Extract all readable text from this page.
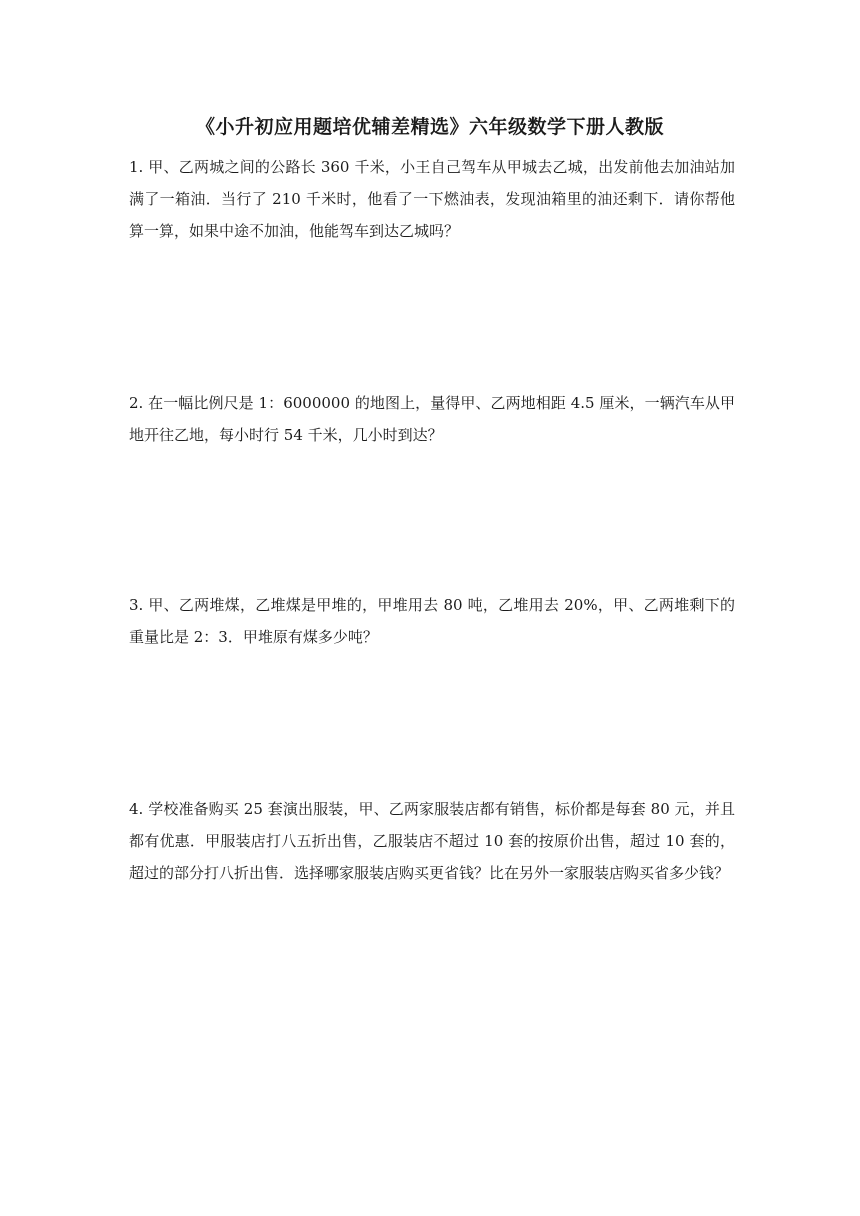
《小升初应用题培优辅差精选》六年级数学下册人教版
1. 甲、乙两城之间的公路长 360 千米，小王自己驾车从甲城去乙城，出发前他去加油站加满了一箱油．当行了 210 千米时，他看了一下燃油表，发现油箱里的油还剩下．请你帮他算一算，如果中途不加油，他能驾车到达乙城吗？
2. 在一幅比例尺是 1：6000000 的地图上，量得甲、乙两地相距 4.5 厘米，一辆汽车从甲地开往乙地，每小时行 54 千米，几小时到达？
3. 甲、乙两堆煤，乙堆煤是甲堆的，甲堆用去 80 吨，乙堆用去 20%，甲、乙两堆剩下的重量比是 2：3．甲堆原有煤多少吨？
4. 学校准备购买 25 套演出服装，甲、乙两家服装店都有销售，标价都是每套 80 元，并且都有优惠．甲服装店打八五折出售，乙服装店不超过 10 套的按原价出售，超过 10 套的，超过的部分打八折出售．选择哪家服装店购买更省钱？比在另外一家服装店购买省多少钱？
